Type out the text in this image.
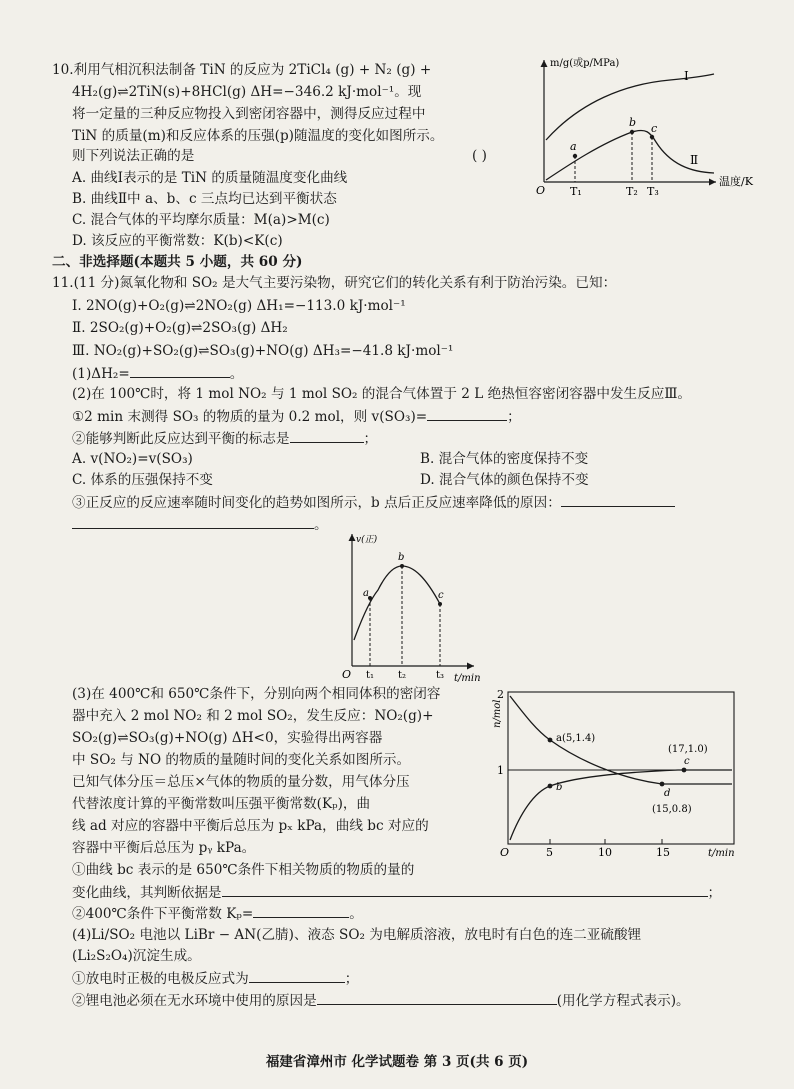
10.利用气相沉积法制备 TiN 的反应为 2TiCl₄ (g) + N₂ (g) +
4H₂(g)⇌2TiN(s)+8HCl(g) ΔH=−346.2 kJ·mol⁻¹。现
将一定量的三种反应物投入到密闭容器中，测得反应过程中
TiN 的质量(m)和反应体系的压强(p)随温度的变化如图所示。
则下列说法正确的是	( )
A. 曲线Ⅰ表示的是 TiN 的质量随温度变化曲线
B. 曲线Ⅱ中 a、b、c 三点均已达到平衡状态
C. 混合气体的平均摩尔质量：M(a)>M(c)
D. 该反应的平衡常数：K(b)<K(c)
m/g(或p/MPa)
温度/K
O
Ⅰ
Ⅱ
a
b c
T₁	T₂ T₃
二、非选择题(本题共 5 小题，共 60 分)
11.(11 分)氮氧化物和 SO₂ 是大气主要污染物，研究它们的转化关系有利于防治污染。已知：
Ⅰ. 2NO(g)+O₂(g)⇌2NO₂(g) ΔH₁=−113.0 kJ·mol⁻¹
Ⅱ. 2SO₂(g)+O₂(g)⇌2SO₃(g) ΔH₂
Ⅲ. NO₂(g)+SO₂(g)⇌SO₃(g)+NO(g) ΔH₃=−41.8 kJ·mol⁻¹
(1)ΔH₂=	。
(2)在 100℃时，将 1 mol NO₂ 与 1 mol SO₂ 的混合气体置于 2 L 绝热恒容密闭容器中发生反应Ⅲ。
①2 min 末测得 SO₃ 的物质的量为 0.2 mol，则 v(SO₃)=	；
②能够判断此反应达到平衡的标志是	；
A. v(NO₂)=v(SO₃)	B. 混合气体的密度保持不变
C. 体系的压强保持不变	D. 混合气体的颜色保持不变
③正反应的反应速率随时间变化的趋势如图所示，b 点后正反应速率降低的原因：
。
v(正)
t/min
O
a
b
c
t₁ t₂	t₃
(3)在 400℃和 650℃条件下，分别向两个相同体积的密闭容
器中充入 2 mol NO₂ 和 2 mol SO₂，发生反应：NO₂(g)+
SO₂(g)⇌SO₃(g)+NO(g) ΔH<0，实验得出两容器
中 SO₂ 与 NO 的物质的量随时间的变化关系如图所示。
已知气体分压＝总压×气体的物质的量分数，用气体分压
代替浓度计算的平衡常数叫压强平衡常数(Kₚ)，曲
线 ad 对应的容器中平衡后总压为 pₓ kPa，曲线 bc 对应的
容器中平衡后总压为 pᵧ kPa。
①曲线 bc 表示的是 650℃条件下相关物质的物质的量的
变化曲线，其判断依据是	；
②400℃条件下平衡常数 Kₚ=	。
n/mol
2
1
O	5	10	15	t/min
a(5,1.4)
b
c
(17,1.0)
d
(15,0.8)
(4)Li/SO₂ 电池以 LiBr − AN(乙腈)、液态 SO₂ 为电解质溶液，放电时有白色的连二亚硫酸锂
(Li₂S₂O₄)沉淀生成。
①放电时正极的电极反应式为	；
②锂电池必须在无水环境中使用的原因是	(用化学方程式表示)。
福建省漳州市 化学试题卷 第 3 页(共 6 页)
